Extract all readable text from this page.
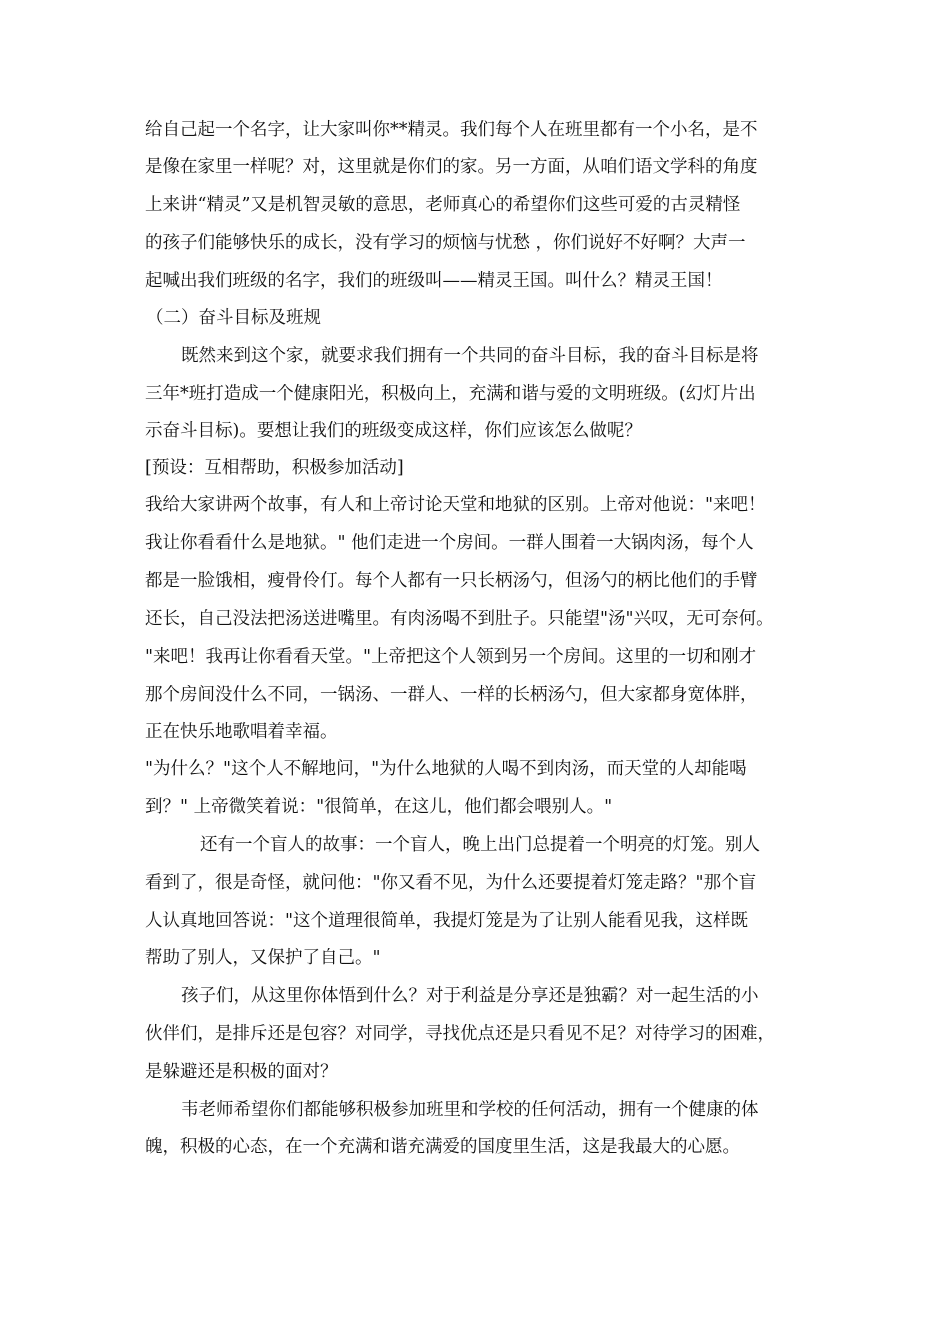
给自己起一个名字，让大家叫你**精灵。我们每个人在班里都有一个小名，是不
是像在家里一样呢？对，这里就是你们的家。另一方面，从咱们语文学科的角度
上来讲“精灵”又是机智灵敏的意思，老师真心的希望你们这些可爱的古灵精怪
的孩子们能够快乐的成长，没有学习的烦恼与忧愁 ，你们说好不好啊？大声一
起喊出我们班级的名字，我们的班级叫——精灵王国。叫什么？精灵王国！
（二）奋斗目标及班规
既然来到这个家，就要求我们拥有一个共同的奋斗目标，我的奋斗目标是将
三年*班打造成一个健康阳光，积极向上，充满和谐与爱的文明班级。(幻灯片出
示奋斗目标)。要想让我们的班级变成这样，你们应该怎么做呢？
[预设：互相帮助，积极参加活动]
我给大家讲两个故事，有人和上帝讨论天堂和地狱的区别。上帝对他说："来吧！
我让你看看什么是地狱。" 他们走进一个房间。一群人围着一大锅肉汤，每个人
都是一脸饿相，瘦骨伶仃。每个人都有一只长柄汤勺，但汤勺的柄比他们的手臂
还长，自己没法把汤送进嘴里。有肉汤喝不到肚子。只能望"汤"兴叹，无可奈何。
"来吧！我再让你看看天堂。"上帝把这个人领到另一个房间。这里的一切和刚才
那个房间没什么不同，一锅汤、一群人、一样的长柄汤勺，但大家都身宽体胖，
正在快乐地歌唱着幸福。
"为什么？"这个人不解地问，"为什么地狱的人喝不到肉汤，而天堂的人却能喝
到？" 上帝微笑着说："很简单，在这儿，他们都会喂别人。"
还有一个盲人的故事：一个盲人，晚上出门总提着一个明亮的灯笼。别人
看到了，很是奇怪，就问他："你又看不见，为什么还要提着灯笼走路？"那个盲
人认真地回答说："这个道理很简单，我提灯笼是为了让别人能看见我，这样既
帮助了别人，又保护了自己。"
孩子们，从这里你体悟到什么？对于利益是分享还是独霸？对一起生活的小
伙伴们，是排斥还是包容？对同学，寻找优点还是只看见不足？对待学习的困难，
是躲避还是积极的面对？
韦老师希望你们都能够积极参加班里和学校的任何活动，拥有一个健康的体
魄，积极的心态，在一个充满和谐充满爱的国度里生活，这是我最大的心愿。
